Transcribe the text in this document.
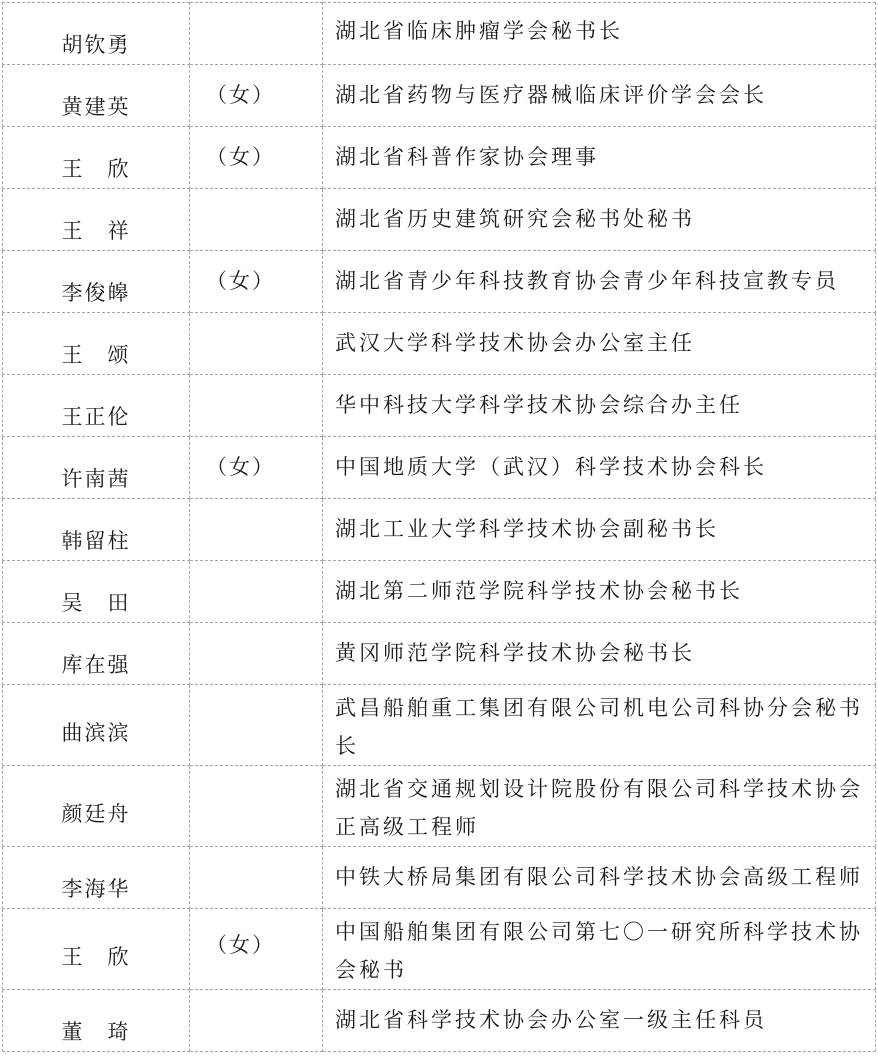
胡钦勇		湖北省临床肿瘤学会秘书长

黄建英	（女）	湖北省药物与医疗器械临床评价学会会长

王　欣	（女）	湖北省科普作家协会理事

王　祥		湖北省历史建筑研究会秘书处秘书

李俊皞	（女）	湖北省青少年科技教育协会青少年科技宣教专员

王　颂		武汉大学科学技术协会办公室主任

王正伦		华中科技大学科学技术协会综合办主任

许南茜	（女）	中国地质大学（武汉）科学技术协会科长

韩留柱		湖北工业大学科学技术协会副秘书长

吴　田		湖北第二师范学院科学技术协会秘书长

库在强		黄冈师范学院科学技术协会秘书长

曲滨滨		武昌船舶重工集团有限公司机电公司科协分会秘书长

颜廷舟		湖北省交通规划设计院股份有限公司科学技术协会正高级工程师

李海华		中铁大桥局集团有限公司科学技术协会高级工程师

王　欣	（女）	中国船舶集团有限公司第七〇一研究所科学技术协会秘书

董　琦		湖北省科学技术协会办公室一级主任科员
